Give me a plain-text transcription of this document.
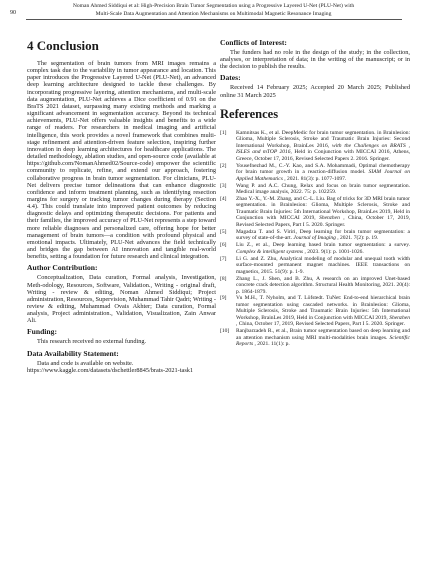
90
Noman Ahmed Siddiqui et al: High-Precision Brain Tumor Segmentation using a Progressive Layered U-Net (PLU-Net) with
Multi-Scale Data Augmentation and Attention Mechanisms on Multimodal Magnetic Resonance Imaging
4 Conclusion

The segmentation of brain tumors from MRI images remains a complex task due to the variability in tumor appearance and location. This paper introduces the Progressive Layered U-Net (PLU-Net), an advanced deep learning architecture designed to tackle these challenges. By incorporating progressive layering, attention mechanisms, and multi-scale data augmentation, PLU-Net achieves a Dice coefficient of 0.91 on the BraTS 2021 dataset, surpassing many existing methods and marking a significant advancement in segmentation accuracy. Beyond its technical achievements, PLU-Net offers valuable insights and benefits to a wide range of readers. For researchers in medical imaging and artificial intelligence, this work provides a novel framework that combines multi-stage refinement and attention-driven feature selection, inspiring further innovation in deep learning architectures for healthcare applications. The detailed methodology, ablation studies, and open-source code (available at https://github.com/NomanAhmed02/Source-code) empower the scientific community to replicate, refine, and extend our approach, fostering collaborative progress in brain tumor segmentation. For clinicians, PLU-Net delivers precise tumor delineations that can enhance diagnostic confidence and inform treatment planning, such as identifying resection margins for surgery or tracking tumor changes during therapy (Section 4.4). This could translate into improved patient outcomes by reducing diagnostic delays and optimizing therapeutic decisions. For patients and their families, the improved accuracy of PLU-Net represents a step toward more reliable diagnoses and personalized care, offering hope for better management of brain tumors—a condition with profound physical and emotional impacts. Ultimately, PLU-Net advances the field technically and bridges the gap between AI innovation and tangible real-world benefits, setting a foundation for future research and clinical integration.

Author Contribution:

Conceptualization, Data curation, Formal analysis, Investigation, Meth-odology, Resources, Software, Validation., Writing - original draft, Writing - review & editing, Noman Ahmed Siddiqui; Project administration, Resources, Supervision, Muhammad Tahir Qadri; Writing - review & editing, Muhammad Ovais Akhter; Data curation, Formal analysis, Project administration., Validation, Visualization, Zain Anwar Ali.

Funding:

This research received no external funding.

Data Availability Statement:

Data and code is available on website. https://www.kaggle.com/datasets/dschettler8845/brats-2021-task1

Conflicts of Interest:

The funders had no role in the design of the study; in the collection, analyses, or interpretation of data; in the writing of the manuscript; or in the decision to publish the results.

Dates:

Received 14 February 2025; Accepted 20 March 2025; Published online 31 March 2025

References
[1] Kamnitsas K., et al. DeepMedic for brain tumor segmentation. in Brainlesion: Glioma, Multiple Sclerosis, Stroke and Traumatic Brain Injuries: Second International Workshop, BrainLes 2016, with the Challenges on BRATS , ISLES and mTOP 2016, Held in Conjunction with MICCAI 2016, Athens, Greece, October 17, 2016, Revised Selected Papers 2. 2016. Springer.
[2] Yousefnezhad M., C.-Y. Kao, and S.A. Mohammadi, Optimal chemotherapy for brain tumor growth in a reaction-diffusion model. SIAM Journal on Applied Mathematics , 2021. 81(3): p. 1077-1097.
[3] Wang P. and A.C. Chung, Relax and focus on brain tumor segmentation. Medical image analysis, 2022. 75: p. 102259.
[4] Zhao Y.-X., Y.-M. Zhang, and C.-L. Liu. Bag of tricks for 3D MRI brain tumor segmentation. in Brainlesion: Glioma, Multiple Sclerosis, Stroke and Traumatic Brain Injuries: 5th International Workshop, BrainLes 2019, Held in Conjunction with MICCAI 2019, Shenzhen , China, October 17, 2019, Revised Selected Papers, Part I 5. 2020. Springer.
[5] Magadza T. and S. Viriri, Deep learning for brain tumor segmentation: a survey of state-of-the-art. Journal of Imaging , 2021. 7(2): p. 19.
[6] Liu Z., et al., Deep learning based brain tumor segmentation: a survey. Complex & intelligent systems , 2023. 9(1): p. 1001-1026.
[7] Li G. and Z. Zhu, Analytical modeling of modular and unequal tooth width surface-mounted permanent magnet machines. IEEE transactions on magnetics, 2015. 51(9): p. 1-9.
[8] Zhang L., J. Shen, and B. Zhu, A research on an improved Unet-based concrete crack detection algorithm. Structural Health Monitoring, 2021. 20(4): p. 1864-1879.
[9] Vu M.H., T. Nyholm, and T. Löfstedt. TuNet: End-to-end hierarchical brain tumor segmentation using cascaded networks. in Brainlesion: Glioma, Multiple Sclerosis, Stroke and Traumatic Brain Injuries: 5th International Workshop, BrainLes 2019, Held in Conjunction with MICCAI 2019, Shenzhen , China, October 17, 2019, Revised Selected Papers, Part I 5. 2020. Springer.
[10] Ranjbarzadeh R., et al., Brain tumor segmentation based on deep learning and an attention mechanism using MRI multi-modalities brain images. Scientific Reports , 2021. 11(1): p.
